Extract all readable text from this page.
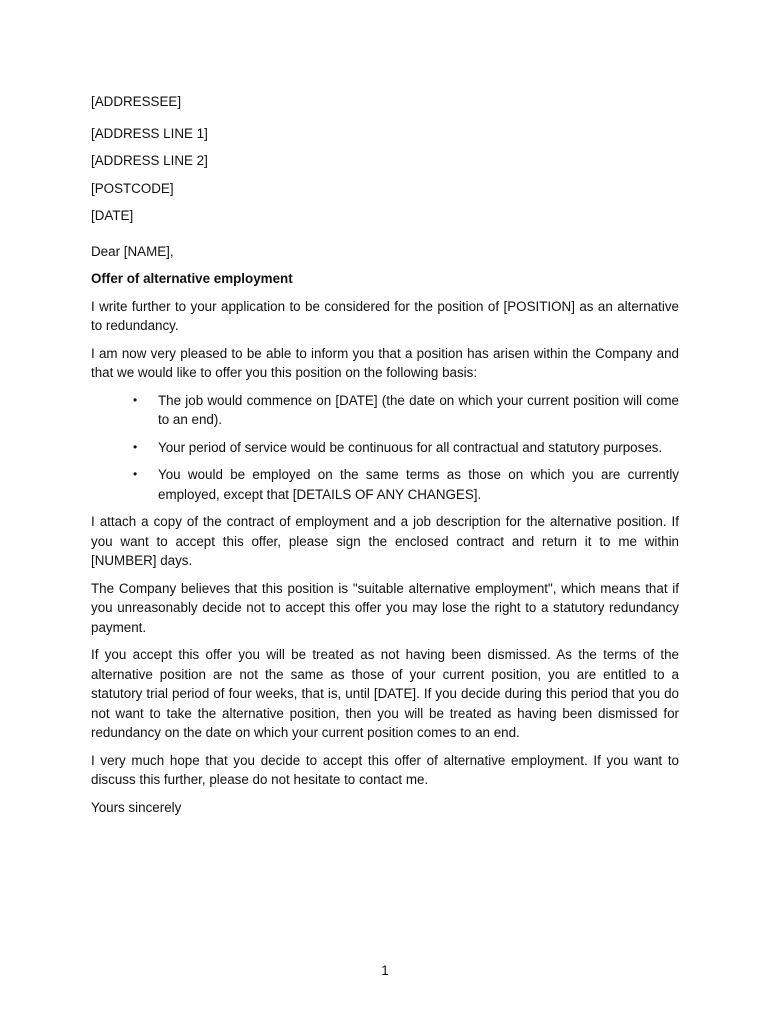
[ADDRESSEE]
[ADDRESS LINE 1]
[ADDRESS LINE 2]
[POSTCODE]
[DATE]
Dear [NAME],
Offer of alternative employment

I write further to your application to be considered for the position of [POSITION] as an alternative to redundancy.

I am now very pleased to be able to inform you that a position has arisen within the Company and that we would like to offer you this position on the following basis:

• The job would commence on [DATE] (the date on which your current position will come to an end).
• Your period of service would be continuous for all contractual and statutory purposes.
• You would be employed on the same terms as those on which you are currently employed, except that [DETAILS OF ANY CHANGES].

I attach a copy of the contract of employment and a job description for the alternative position. If you want to accept this offer, please sign the enclosed contract and return it to me within [NUMBER] days.

The Company believes that this position is "suitable alternative employment", which means that if you unreasonably decide not to accept this offer you may lose the right to a statutory redundancy payment.

If you accept this offer you will be treated as not having been dismissed. As the terms of the alternative position are not the same as those of your current position, you are entitled to a statutory trial period of four weeks, that is, until [DATE]. If you decide during this period that you do not want to take the alternative position, then you will be treated as having been dismissed for redundancy on the date on which your current position comes to an end.

I very much hope that you decide to accept this offer of alternative employment. If you want to discuss this further, please do not hesitate to contact me.

Yours sincerely
1
